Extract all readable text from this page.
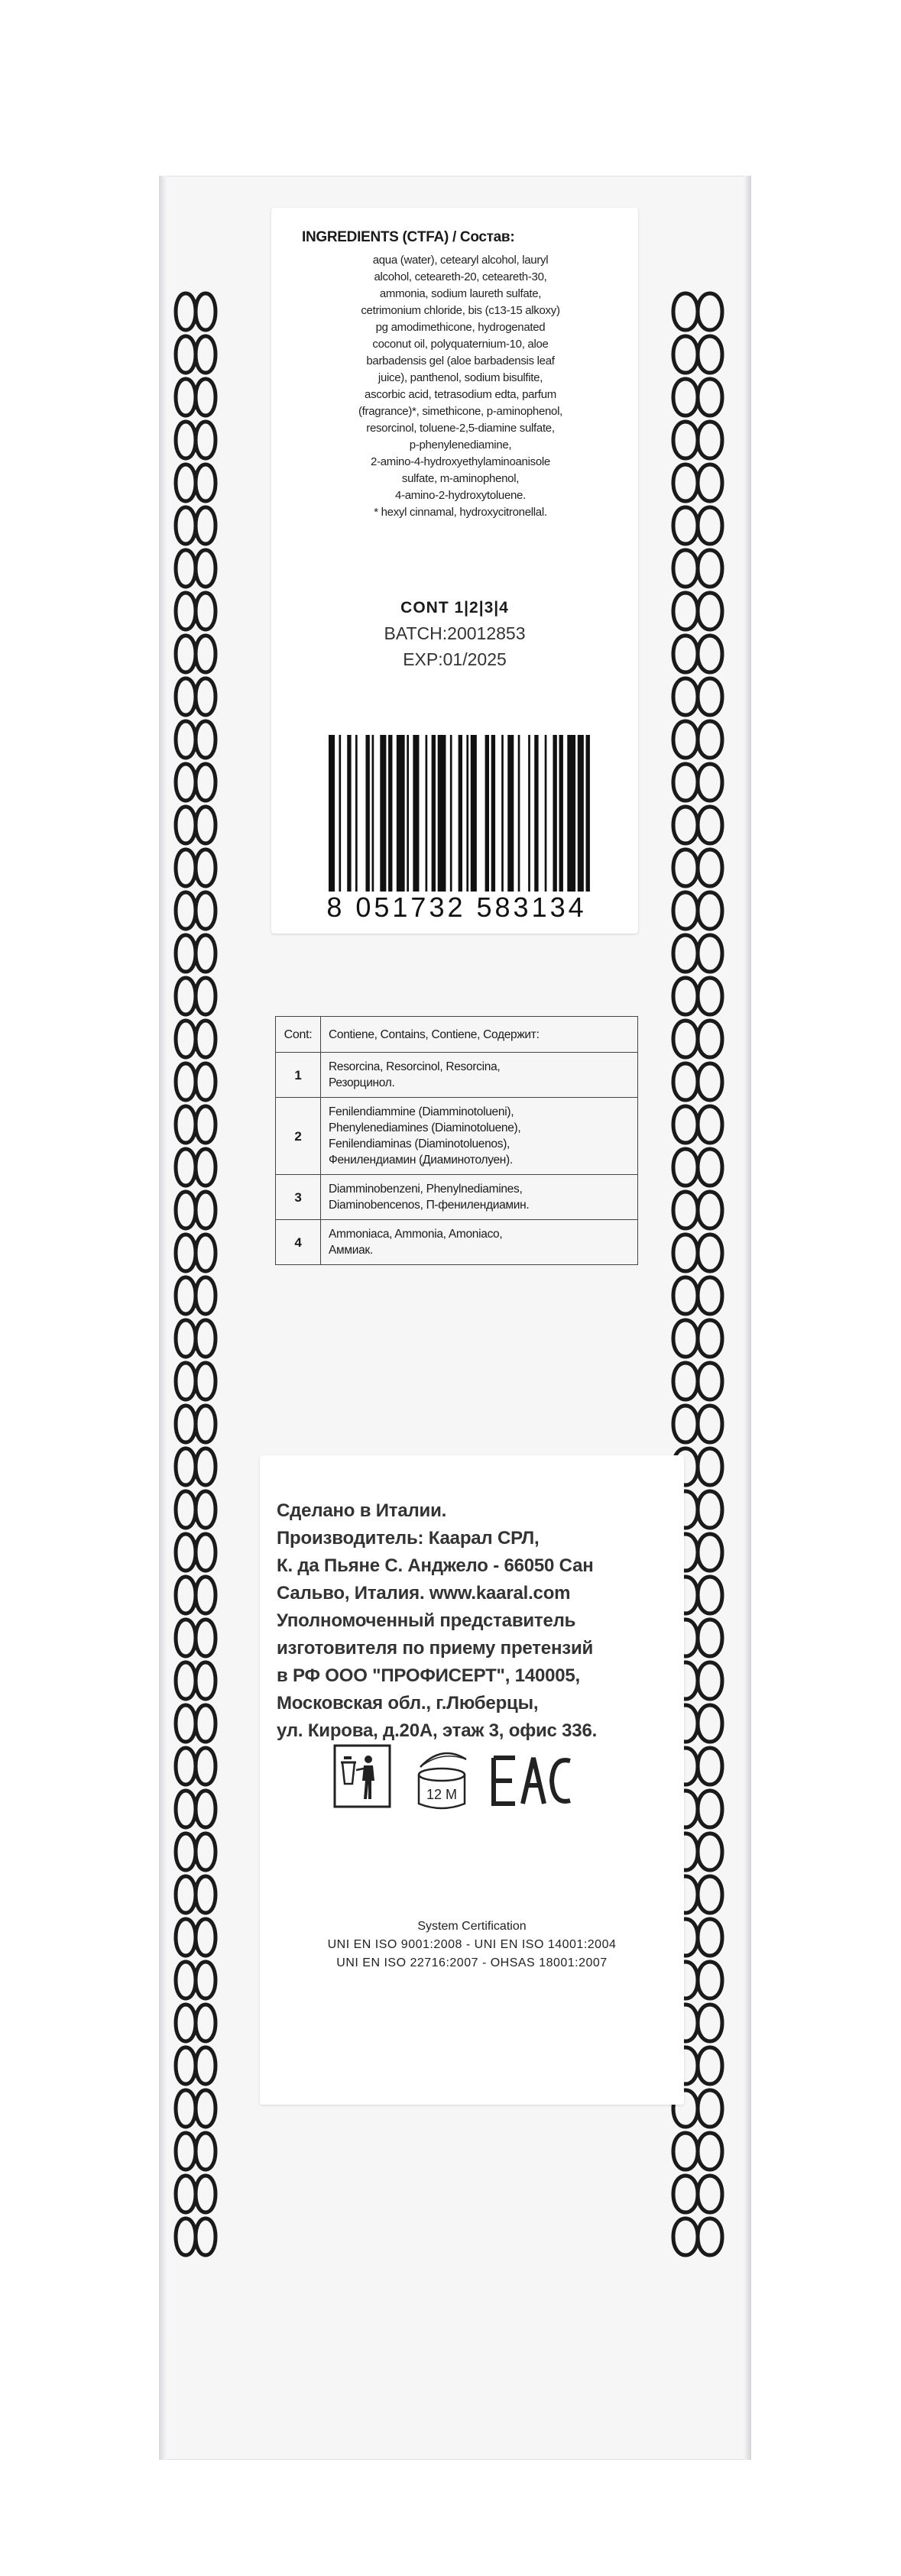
INGREDIENTS (CTFA) / Состав:
aqua (water), cetearyl alcohol, lauryl
alcohol, ceteareth-20, ceteareth-30,
ammonia, sodium laureth sulfate,
cetrimonium chloride, bis (c13-15 alkoxy)
pg amodimethicone, hydrogenated
coconut oil, polyquaternium-10, aloe
barbadensis gel (aloe barbadensis leaf
juice), panthenol, sodium bisulfite,
ascorbic acid, tetrasodium edta, parfum
(fragrance)*, simethicone, p-aminophenol,
resorcinol, toluene-2,5-diamine sulfate,
p-phenylenediamine,
2-amino-4-hydroxyethylaminoanisole
sulfate, m-aminophenol,
4-amino-2-hydroxytoluene.
* hexyl cinnamal, hydroxycitronellal.
CONT 1|2|3|4
BATCH:20012853
EXP:01/2025
8 051732 583134
Cont:	Contiene, Contains, Contiene, Содержит:
1	Resorcina, Resorcinol, Resorcina,
Резорцинол.

2	Fenilendiammine (Diamminotolueni),
Phenylenediamines (Diaminotoluene),
Fenilendiaminas (Diaminotoluenos),
Фенилендиамин (Диаминотолуен).

3	Diamminobenzeni, Phenylnediamines,
Diaminobencenos, П-фенилендиамин.

4	Ammoniaca, Ammonia, Amoniaco,
Аммиак.
Сделано в Италии.
Производитель: Каарал СРЛ,
К. да Пьяне С. Анджело - 66050 Сан
Сальво, Италия. www.kaaral.com
Уполномоченный представитель
изготовителя по приему претензий
в РФ ООО "ПРОФИСЕРТ", 140005,
Московская обл., г.Люберцы,
ул. Кирова, д.20А, этаж 3, офис 336.
12 M
System Certification
UNI EN ISO 9001:2008 - UNI EN ISO 14001:2004
UNI EN ISO 22716:2007 - OHSAS 18001:2007
